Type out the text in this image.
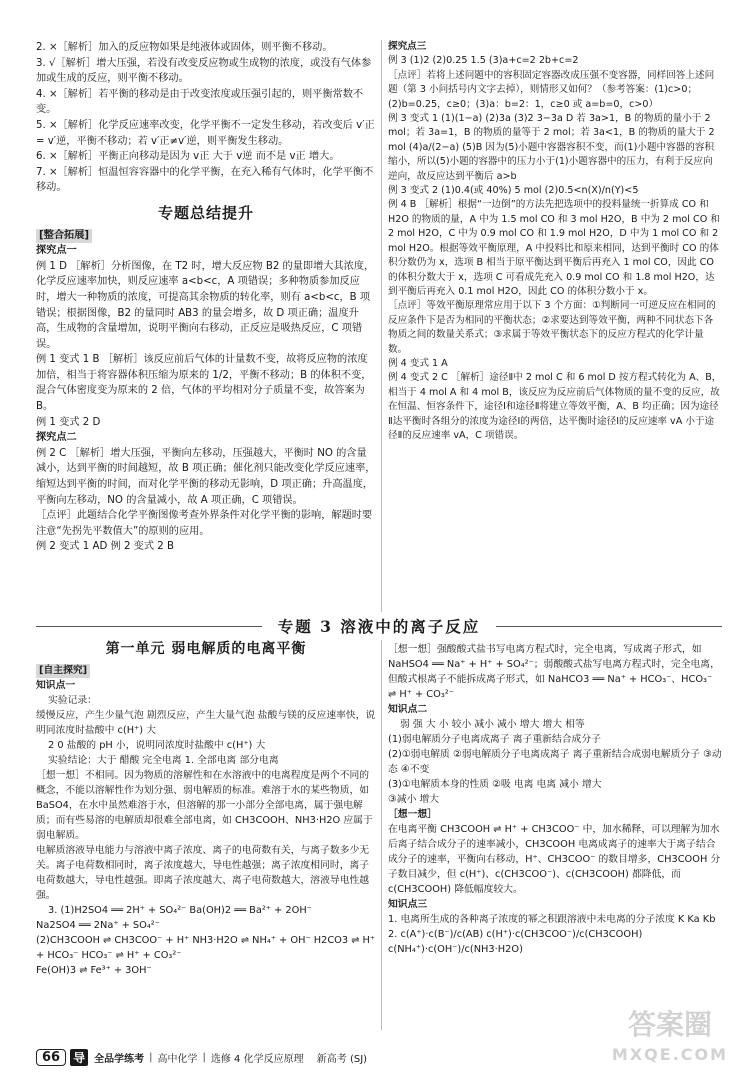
2. ×［解析］加入的反应物如果是纯液体或固体，则平衡不移动。

3. √［解析］增大压强，若没有改变反应物或生成物的浓度，或没有气体参加或生成的反应，则平衡不移动。

4. ×［解析］若平衡的移动是由于改变浓度或压强引起的，则平衡常数不变。

5. ×［解析］化学反应速率改变，化学平衡不一定发生移动，若改变后 v′正 = v′逆，平衡不移动；若 v′正≠v′逆，则平衡发生移动。

6. ×［解析］平衡正向移动是因为 v正 大于 v逆 而不是 v正 增大。

7. ×［解析］恒温恒容容器中的化学平衡，在充入稀有气体时，化学平衡不移动。

专题总结提升

[整合拓展]

探究点一

例 1 D ［解析］分析图像，在 T2 时，增大反应物 B2 的量即增大其浓度，化学反应速率加快，则反应速率 a<b<c，A 项错误；多种物质参加反应时，增大一种物质的浓度，可提高其余物质的转化率，则有 a<b<c，B 项错误；根据图像，B2 的量同时 AB3 的量会增多，故 D 项正确；温度升高，生成物的含量增加，说明平衡向右移动，正反应是吸热反应，C 项错误。

例 1 变式 1 B ［解析］该反应前后气体的计量数不变，故将反应物的浓度加倍，相当于将容器体积压缩为原来的 1/2，平衡不移动；B 的体积不变，混合气体密度变为原来的 2 倍，气体的平均相对分子质量不变，故答案为 B。

例 1 变式 2 D

探究点二

例 2 C ［解析］增大压强，平衡向左移动，压强越大，平衡时 NO 的含量减小，达到平衡的时间越短，故 B 项正确；催化剂只能改变化学反应速率，缩短达到平衡的时间，而对化学平衡的移动无影响，D 项正确；升高温度，平衡向左移动，NO 的含量减小，故 A 项正确，C 项错误。

［点评］此题结合化学平衡图像考查外界条件对化学平衡的影响，解题时要注意“先拐先平数值大”的原则的应用。

例 2 变式 1 AD 例 2 变式 2 B

探究点三

例 3 (1)2 (2)0.25 1.5 (3)a+c=2 2b+c=2

［点评］若将上述问题中的容积固定容器改成压强不变容器，同样回答上述问题（第 3 小问括号内文字去掉），则情形又如何？（参考答案：(1)c>0；(2)b=0.25，c≥0；(3)a：b=2：1，c≥0 或 a=b=0，c>0）

例 3 变式 1 (1)(1−a) (2)3a (3)2 3−3a D 若 3a>1，B 的物质的量小于 2 mol；若 3a=1，B 的物质的量等于 2 mol；若 3a<1，B 的物质的量大于 2 mol (4)a/(2−a) (5)B 因为(5)小题中容器容积不变，而(1)小题中容器的容积缩小，所以(5)小题的容器中的压力小于(1)小题容器中的压力，有利于反应向逆向，故反应达到平衡后 a>b

例 3 变式 2 (1)0.4(或 40%) 5 mol (2)0.5<n(X)/n(Y)<5

例 4 B ［解析］根据“一边倒”的方法先把选项中的投料量统一折算成 CO 和 H2O 的物质的量，A 中为 1.5 mol CO 和 3 mol H2O，B 中为 2 mol CO 和 2 mol H2O，C 中为 0.9 mol CO 和 1.9 mol H2O，D 中为 1 mol CO 和 2 mol H2O。根据等效平衡原理，A 中投料比和原来相同，达到平衡时 CO 的体积分数仍为 x，选项 B 相当于原平衡达到平衡后再充入 1 mol CO，因此 CO 的体积分数大于 x，选项 C 可看成先充入 0.9 mol CO 和 1.8 mol H2O，达到平衡后再充入 0.1 mol H2O，因此 CO 的体积分数小于 x。

［点评］等效平衡原理常应用于以下 3 个方面：①判断同一可逆反应在相同的反应条件下是否为相同的平衡状态；②求要达到等效平衡，两种不同状态下各物质之间的数量关系式；③求属于等效平衡状态下的反应方程式的化学计量数。

例 4 变式 1 A

例 4 变式 2 C ［解析］途径Ⅱ中 2 mol C 和 6 mol D 按方程式转化为 A、B，相当于 4 mol A 和 4 mol B，该反应为反应前后气体物质的量不变的反应，故在恒温、恒容条件下，途径Ⅰ和途径Ⅱ将建立等效平衡，A、B 均正确；因为途径Ⅱ达平衡时各组分的浓度为途径Ⅰ的两倍，达平衡时途径Ⅰ的反应速率 vA 小于途径Ⅱ的反应速率 vA，C 项错误。

专题 3 溶液中的离子反应
第一单元 弱电解质的电离平衡

[自主探究]

知识点一

实验记录：

缓慢反应，产生少量气泡 剧烈反应，产生大量气泡 盐酸与镁的反应速率快，说明同浓度时盐酸中 c(H⁺) 大

2 0 盐酸的 pH 小，说明同浓度时盐酸中 c(H⁺) 大

实验结论：大于 醋酸 完全电离 1. 全部电离 部分电离

［想一想］不相同。因为物质的溶解性和在水溶液中的电离程度是两个不同的概念，不能以溶解性作为划分强、弱电解质的标准。难溶于水的某些物质，如 BaSO4，在水中虽然难溶于水，但溶解的那一小部分全部电离，属于强电解质；而有些易溶的电解质却很难全部电离，如 CH3COOH、NH3·H2O 应属于弱电解质。

电解质溶液导电能力与溶液中离子浓度、离子的电荷数有关，与离子数多少无关。离子电荷数相同时，离子浓度越大，导电性越强；离子浓度相同时，离子电荷数越大，导电性越强。即离子浓度越大、离子电荷数越大，溶液导电性越强。

3. (1)H2SO4 ══ 2H⁺ + SO₄²⁻ Ba(OH)2 ══ Ba²⁺ + 2OH⁻

Na2SO4 ══ 2Na⁺ + SO₄²⁻

(2)CH3COOH ⇌ CH3COO⁻ + H⁺ NH3·H2O ⇌ NH₄⁺ + OH⁻ H2CO3 ⇌ H⁺ + HCO₃⁻ HCO₃⁻ ⇌ H⁺ + CO₃²⁻

Fe(OH)3 ⇌ Fe³⁺ + 3OH⁻

［想一想］强酸酸式盐书写电离方程式时，完全电离，写成离子形式，如 NaHSO4 ══ Na⁺ + H⁺ + SO₄²⁻；弱酸酸式盐写电离方程式时，完全电离，但酸式根离子不能拆成离子形式，如 NaHCO3 ══ Na⁺ + HCO₃⁻、HCO₃⁻ ⇌ H⁺ + CO₃²⁻

知识点二

弱 强 大 小 较小 减小 减小 增大 增大 相等

(1)弱电解质分子电离成离子 离子重新结合成分子

(2)①弱电解质 ②弱电解质分子电离成离子 离子重新结合成弱电解质分子 ③动态 ④不变

(3)①电解质本身的性质 ②吸 电离 电离 减小 增大

③减小 增大

［想一想］

在电离平衡 CH3COOH ⇌ H⁺ + CH3COO⁻ 中，加水稀释，可以理解为加水后离子结合成分子的速率减小，CH3COOH 电离成离子的速率大于离子结合成分子的速率，平衡向右移动，H⁺、CH3COO⁻ 的数目增多，CH3COOH 分子数目减少，但 c(H⁺)、c(CH3COO⁻)、c(CH3COOH) 都降低，而 c(CH3COOH) 降低幅度较大。

知识点三

1. 电离所生成的各种离子浓度的幂之积跟溶液中未电离的分子浓度 K Ka Kb

2. c(A⁺)·c(B⁻)/c(AB) c(H⁺)·c(CH3COO⁻)/c(CH3COOH) c(NH₄⁺)·c(OH⁻)/c(NH3·H2O)

66	导 全品学练考 | 高中化学 | 选修 4 化学反应原理
新高考 (SJ)
答案圈
MXQE.COM
